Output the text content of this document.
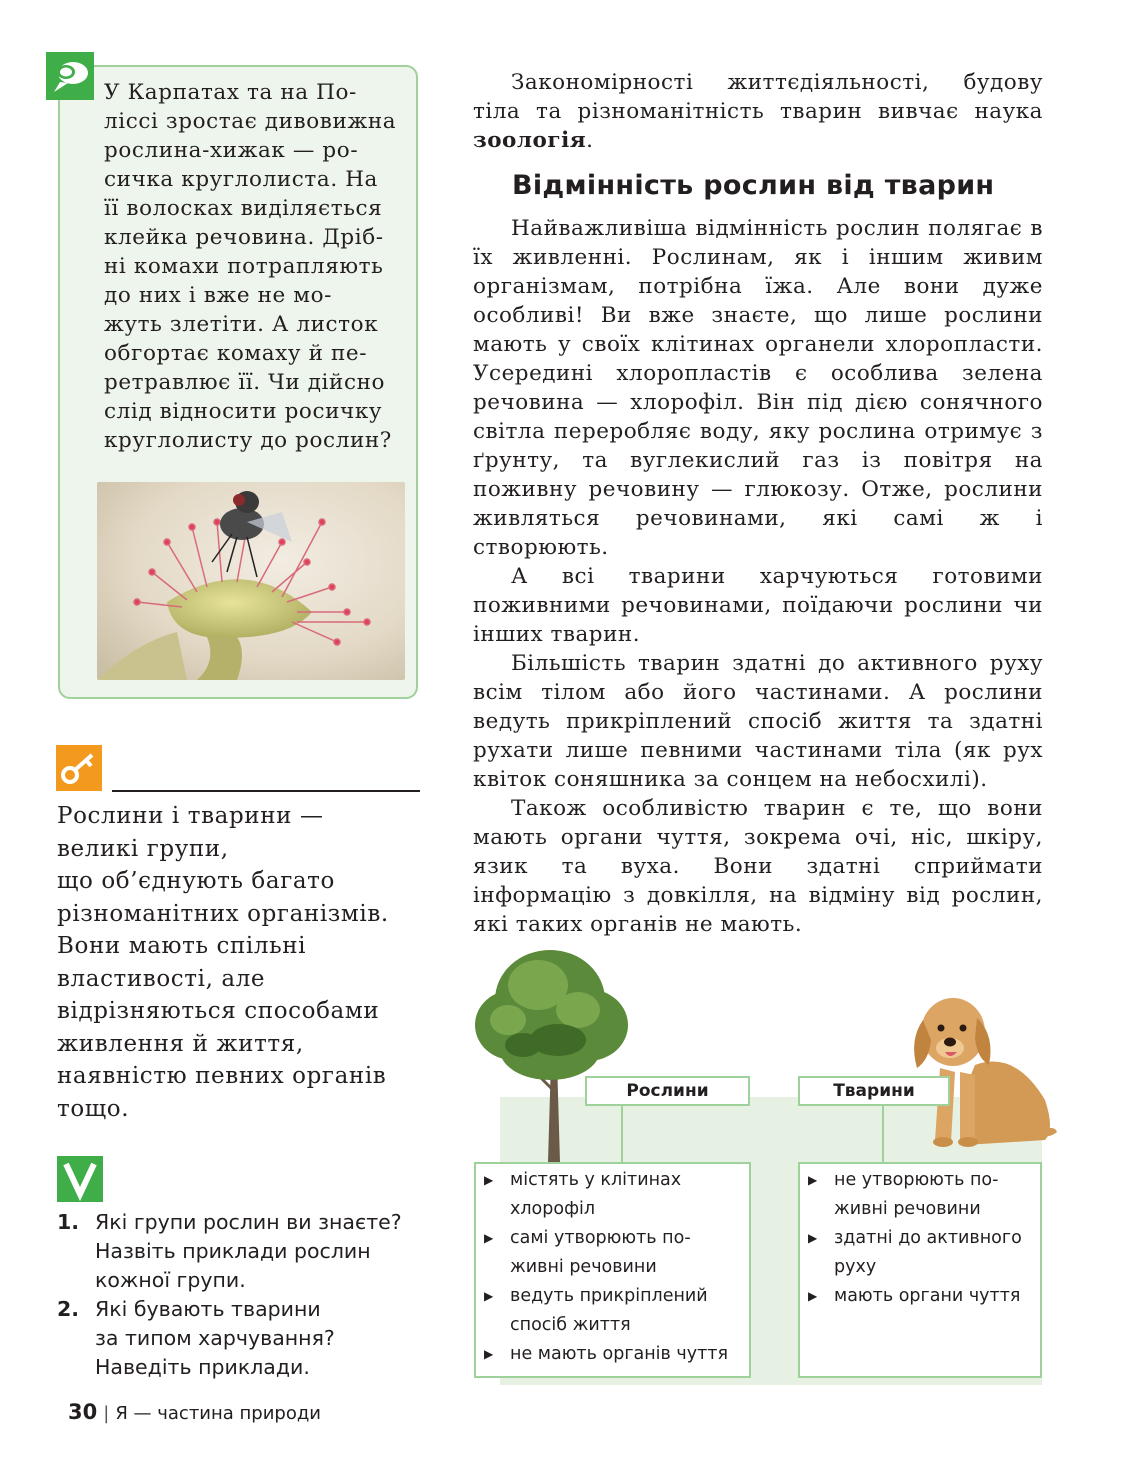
У Карпатах та на По-
ліссі зростає дивовижна
рослина-хижак — ро-
сичка круглолиста. На
її волосках виділяється
клейка речовина. Дріб-
ні комахи потрапляють
до них і вже не мо-
жуть злетіти. А листок
обгортає комаху й пе-
ретравлює її. Чи дійсно
слід відносити росичку
круглолисту до рослин?

Рослини і тварини —
великі групи,
що об’єднують багато
різноманітних організмів.
Вони мають спільні
властивості, але
відрізняються способами
живлення й життя,
наявністю певних органів
тощо.
1. Які групи рослин ви знаєте?
Назвіть приклади рослин
кожної групи.
2. Які бувають тварини
за типом харчування?
Наведіть приклади.
30 | Я — частина природи

Закономірності життєдіяльності, будову тіла та різноманітність тварин вивчає наука зоологія.

Відмінність рослин від тварин

Найважливіша відмінність рослин полягає в їх живленні. Рослинам, як і іншим живим організмам, потрібна їжа. Але вони дуже особливі! Ви вже знаєте, що лише рослини мають у своїх клітинах органели хлоропласти. Усередині хлоропластів є особлива зелена речовина — хлорофіл. Він під дією сонячного світла переробляє воду, яку рослина отримує з ґрунту, та вуглекислий газ із повітря на поживну речовину — глюкозу. Отже, рослини живляться речовинами, які самі ж і створюють.

А всі тварини харчуються готовими поживними речовинами, поїдаючи рослини чи інших тварин.

Більшість тварин здатні до активного руху всім тілом або його частинами. А рослини ведуть прикріплений спосіб життя та здатні рухати лише певними частинами тіла (як рух квіток соняшника за сонцем на небосхилі).

Також особливістю тварин є те, що вони мають органи чуття, зокрема очі, ніс, шкіру, язик та вуха. Вони здатні сприймати інформацію з довкілля, на відміну від рослин, які таких органів не мають.

Рослини	Тварини
▶ містять у клітинах
хлорофіл
▶ самі утворюють по-
живні речовини
▶ ведуть прикріплений
спосіб життя
▶ не мають органів чуття
▶ не утворюють по-
живні речовини
▶ здатні до активного
руху
▶ мають органи чуття
